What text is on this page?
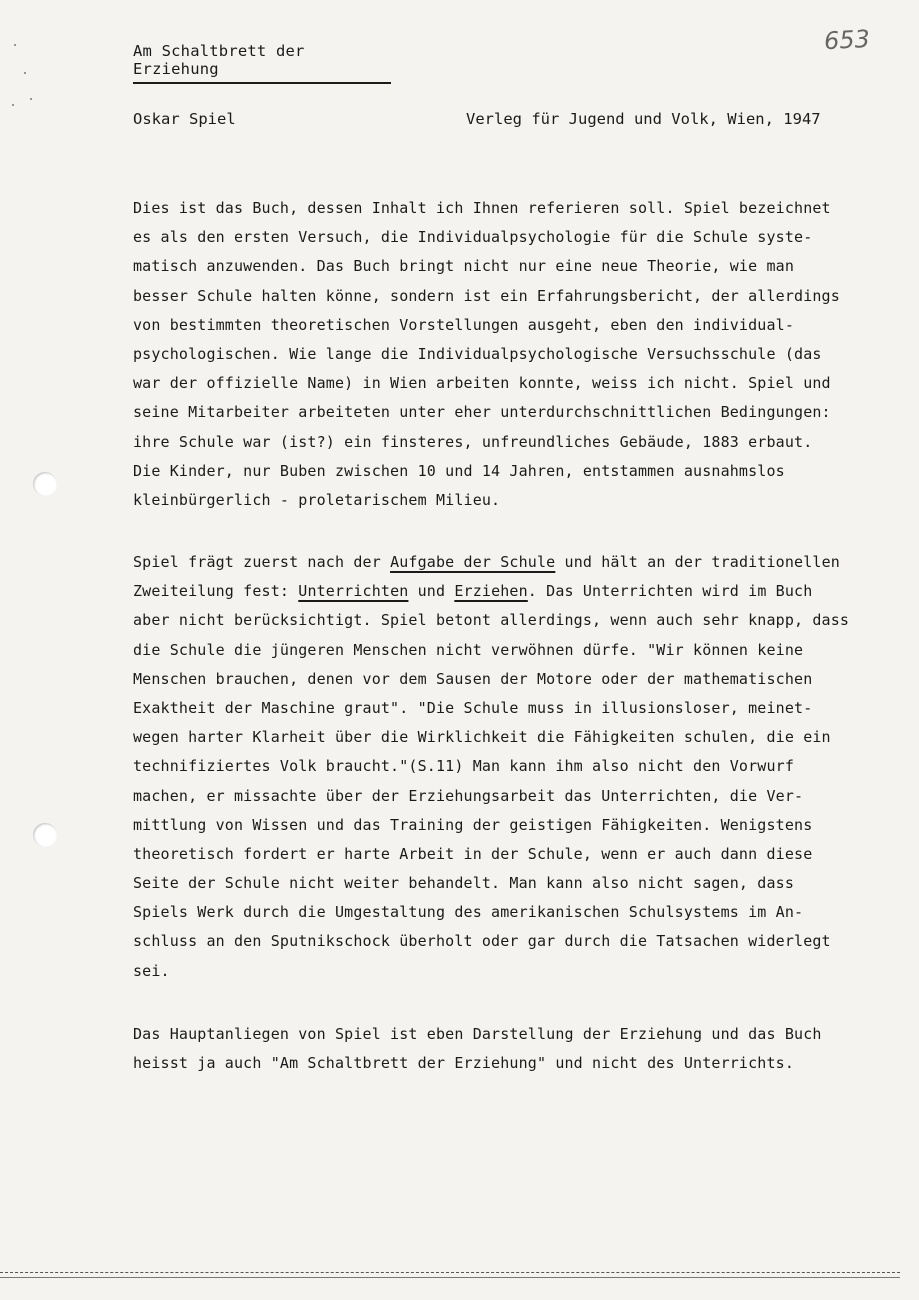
Am Schaltbrett der Erziehung
653
Oskar Spiel	Verleg für Jugend und Volk, Wien, 1947
Dies ist das Buch, dessen Inhalt ich Ihnen referieren soll. Spiel bezeichnet
es als den ersten Versuch, die Individualpsychologie für die Schule syste-
matisch anzuwenden. Das Buch bringt nicht nur eine neue Theorie, wie man
besser Schule halten könne, sondern ist ein Erfahrungsbericht, der allerdings
von bestimmten theoretischen Vorstellungen ausgeht, eben den individual-
psychologischen. Wie lange die Individualpsychologische Versuchsschule (das
war der offizielle Name) in Wien arbeiten konnte, weiss ich nicht. Spiel und
seine Mitarbeiter arbeiteten unter eher unterdurchschnittlichen Bedingungen:
ihre Schule war (ist?) ein finsteres, unfreundliches Gebäude, 1883 erbaut.
Die Kinder, nur Buben zwischen 10 und 14 Jahren, entstammen ausnahmslos
kleinbürgerlich - proletarischem Milieu.
Spiel frägt zuerst nach der Aufgabe der Schule und hält an der traditionellen
Zweiteilung fest: Unterrichten und Erziehen. Das Unterrichten wird im Buch
aber nicht berücksichtigt. Spiel betont allerdings, wenn auch sehr knapp, dass
die Schule die jüngeren Menschen nicht verwöhnen dürfe. "Wir können keine
Menschen brauchen, denen vor dem Sausen der Motore oder der mathematischen
Exaktheit der Maschine graut". "Die Schule muss in illusionsloser, meinet-
wegen harter Klarheit über die Wirklichkeit die Fähigkeiten schulen, die ein
technifiziertes Volk braucht."(S.11) Man kann ihm also nicht den Vorwurf
machen, er missachte über der Erziehungsarbeit das Unterrichten, die Ver-
mittlung von Wissen und das Training der geistigen Fähigkeiten. Wenigstens
theoretisch fordert er harte Arbeit in der Schule, wenn er auch dann diese
Seite der Schule nicht weiter behandelt. Man kann also nicht sagen, dass
Spiels Werk durch die Umgestaltung des amerikanischen Schulsystems im An-
schluss an den Sputnikschock überholt oder gar durch die Tatsachen widerlegt
sei.
Das Hauptanliegen von Spiel ist eben Darstellung der Erziehung und das Buch
heisst ja auch "Am Schaltbrett der Erziehung" und nicht des Unterrichts.
